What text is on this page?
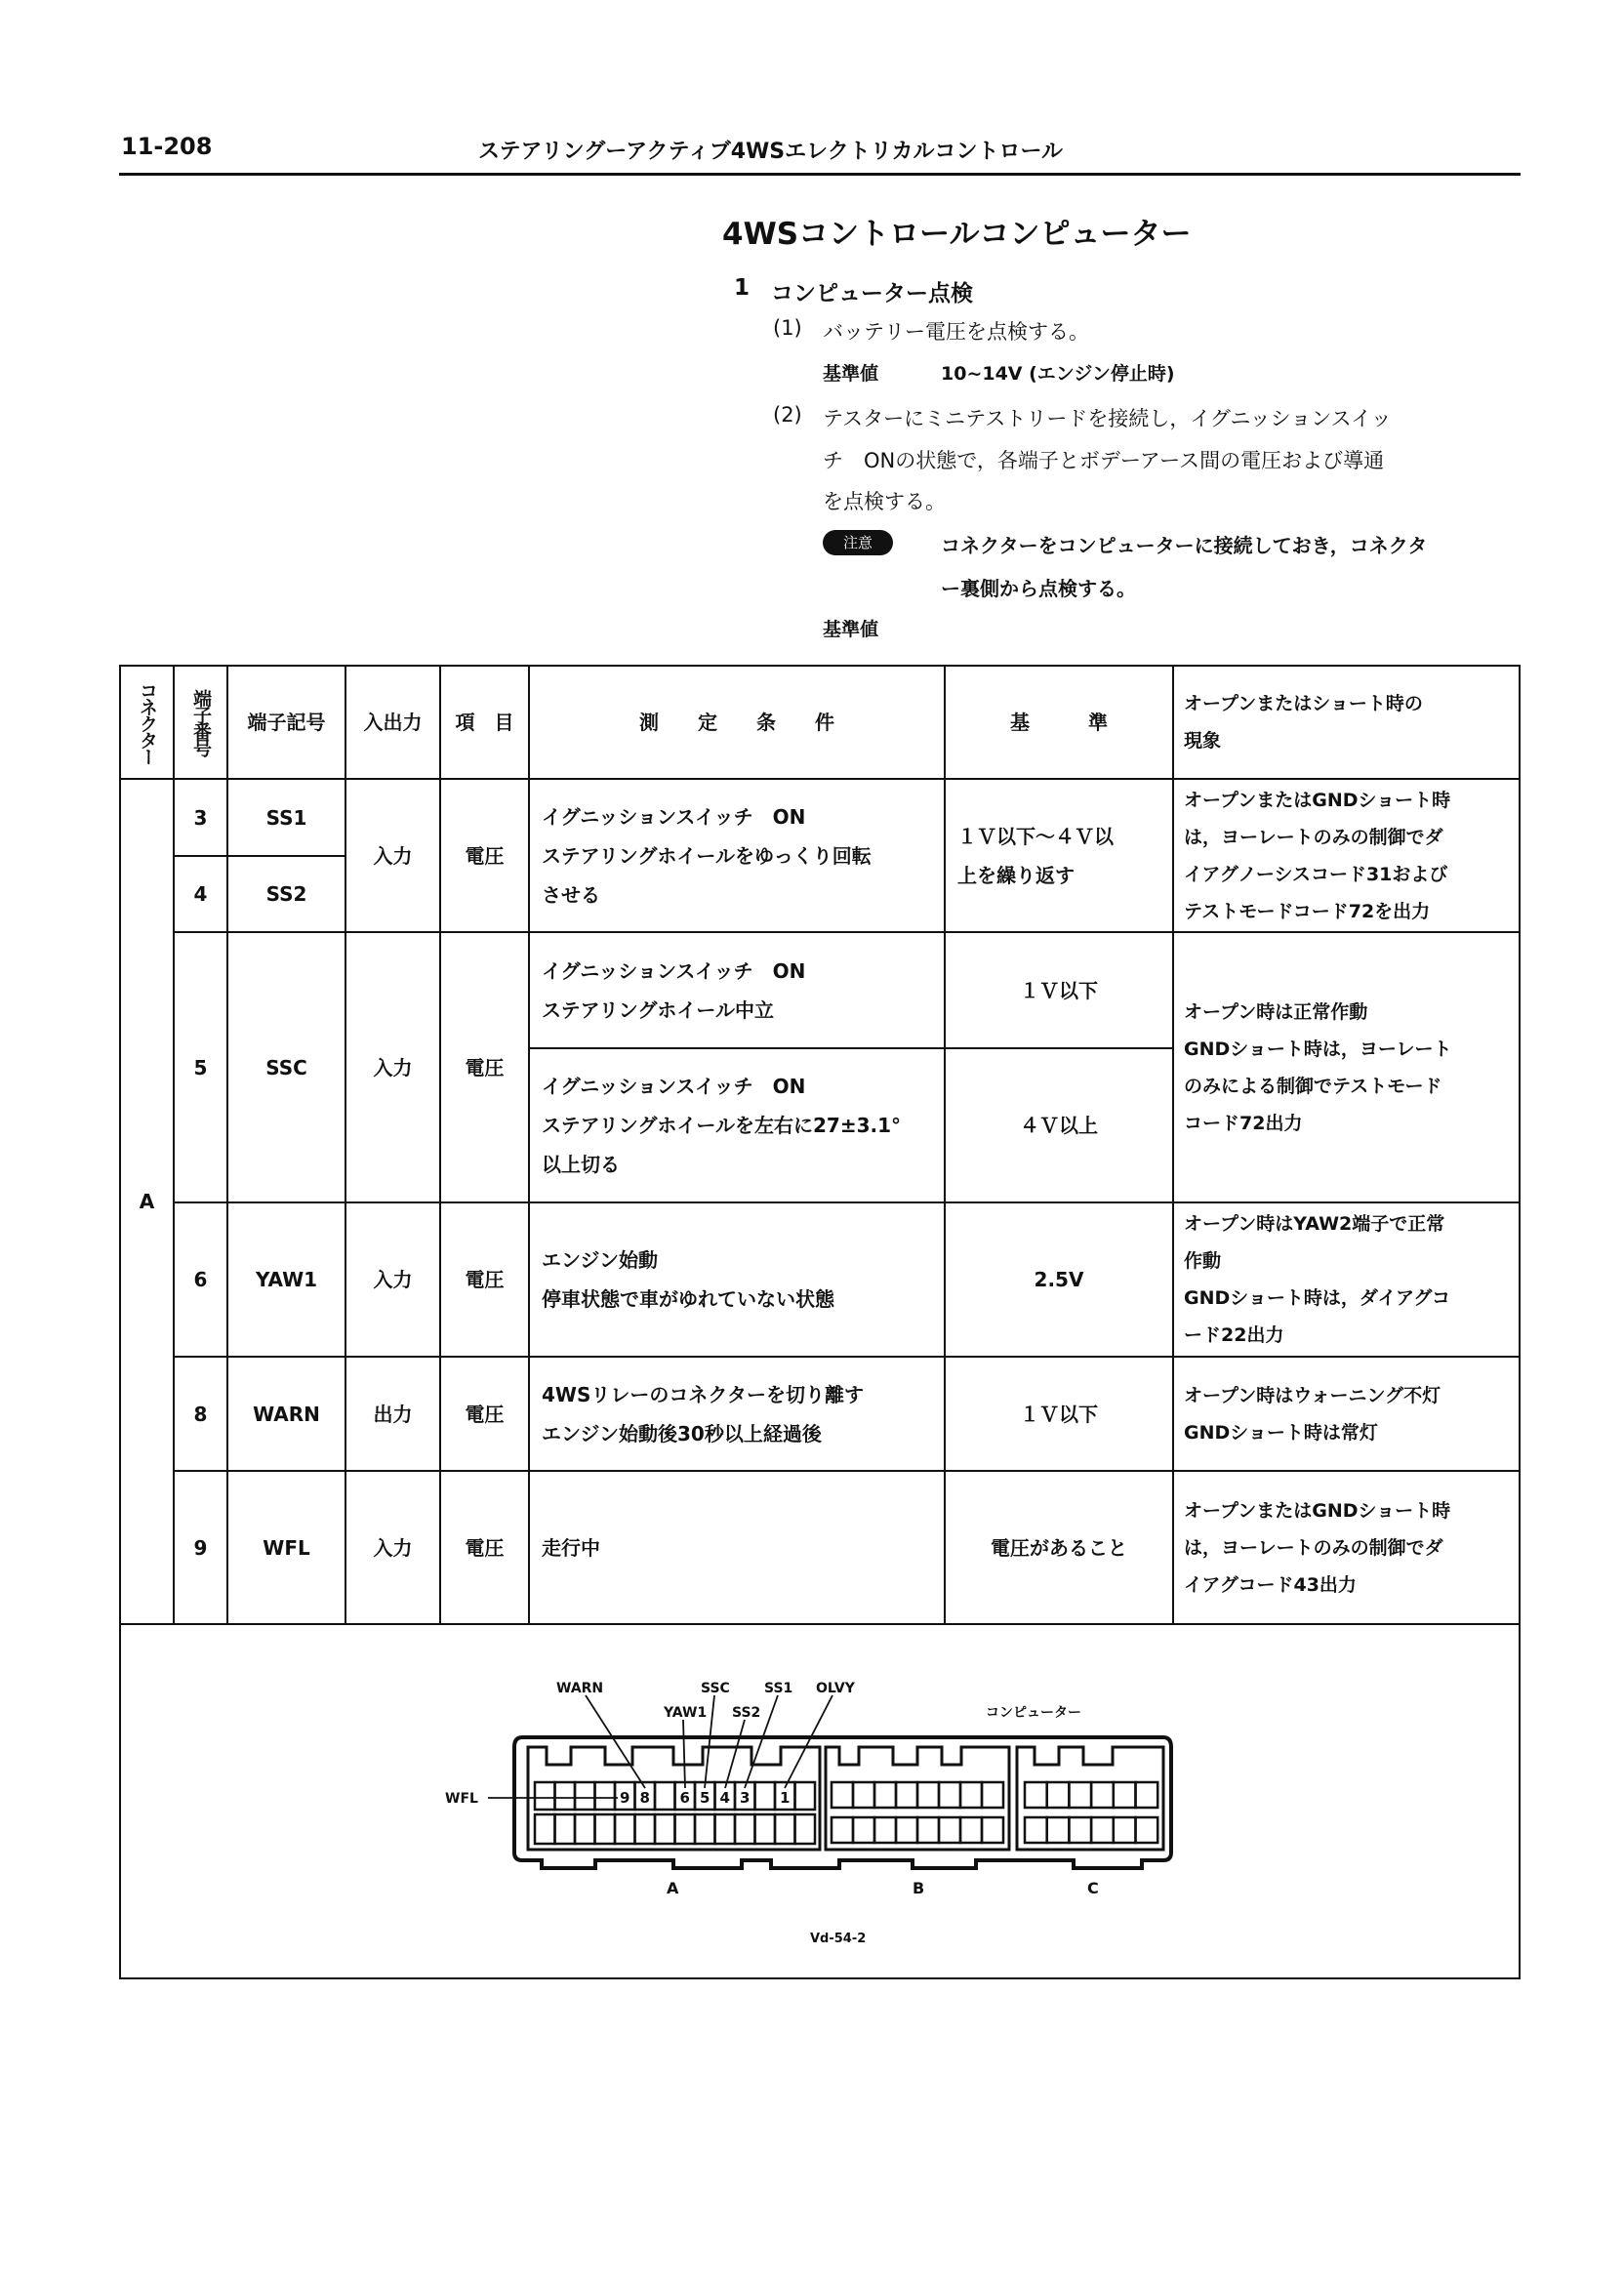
11-208	ステアリングーアクティブ4WSエレクトリカルコントロール
4WSコントロールコンピューター
1 コンピューター点検
(1) バッテリー電圧を点検する。
基準値	10~14V (エンジン停止時)
(2) テスターにミニテストリードを接続し，イグニッションスイッ
チ　ONの状態で，各端子とボデーアース間の電圧および導通
を点検する。
注意	コネクターをコンピューターに接続しておき，コネクタ
ー裏側から点検する。
基準値
コネクター	端子番号	端子記号	入出力	項　目	測　　定　　条　　件	基　　　準	オープンまたはショート時の
現象
A	3	SS1	入力	電圧	イグニッションスイッチ　ON
ステアリングホイールをゆっくり回転
させる	１Ｖ以下～４Ｖ以
上を繰り返す	オープンまたはGNDショート時
は，ヨーレートのみの制御でダ
イアグノーシスコード31および
テストモードコード72を出力
	4	SS2					
	5	SSC	入力	電圧	イグニッションスイッチ　ON
ステアリングホイール中立	１Ｖ以下	オープン時は正常作動
GNDショート時は，ヨーレート
のみによる制御でテストモード
コード72出力
					イグニッションスイッチ　ON
ステアリングホイールを左右に27±3.1°
以上切る	４Ｖ以上	
	6	YAW1	入力	電圧	エンジン始動
停車状態で車がゆれていない状態	2.5V	オープン時はYAW2端子で正常
作動
GNDショート時は，ダイアグコ
ード22出力
	8	WARN	出力	電圧	4WSリレーのコネクターを切り離す
エンジン始動後30秒以上経過後	１Ｖ以下	オープン時はウォーニング不灯
GNDショート時は常灯
	9	WFL	入力	電圧	走行中	電圧があること	オープンまたはGNDショート時
は，ヨーレートのみの制御でダ
イアグコード43出力

WARN	SSC	SS1 OLVY
YAW1 SS2	コンピューター
WFL
A	B	C
Vd-54-2
9 8 6 5 4 3 1
